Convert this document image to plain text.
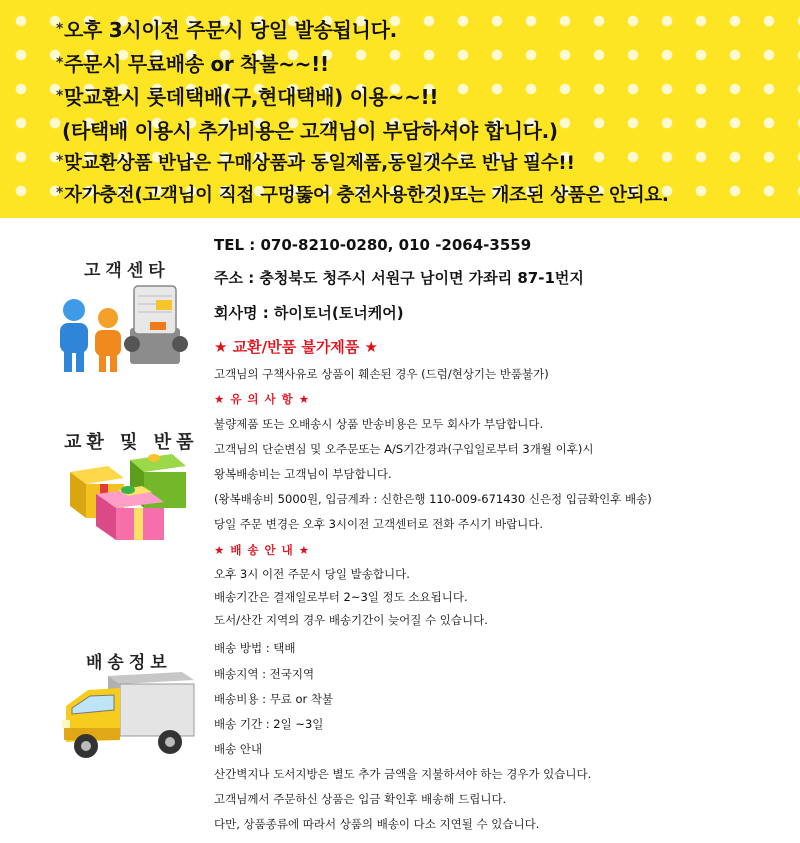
*오후 3시이전 주문시 당일 발송됩니다.
*주문시 무료배송 or 착불~~!!
*맞교환시 롯데택배(구,현대택배) 이용~~!!
(타택배 이용시 추가비용은 고객님이 부담하셔야 합니다.)
*맞교환상품 반납은 구매상품과 동일제품,동일갯수로 반납 필수!!
*자가충전(고객님이 직접 구멍뚫어 충전사용한것)또는 개조된 상품은 안되요.
고객센타
교환 및 반품
배송정보
TEL : 070-8210-0280, 010 -2064-3559
주소 : 충청북도 청주시 서원구 남이면 가좌리 87-1번지
회사명 : 하이토너(토너케어)
★ 교환/반품 불가제품 ★
고객님의 구책사유로 상품이 훼손된 경우 (드럼/현상기는 반품불가)
★ 유 의 사 항 ★
불량제품 또는 오배송시 상품 반송비용은 모두 회사가 부담합니다.
고객님의 단순변심 및 오주문또는 A/S기간경과(구입일로부터 3개월 이후)시
왕복배송비는 고객님이 부담합니다.
(왕복배송비 5000원, 입금계좌 : 신한은행 110-009-671430 신은정 입금확인후 배송)
당일 주문 변경은 오후 3시이전 고객센터로 전화 주시기 바랍니다.
★ 배 송 안 내 ★
오후 3시 이전 주문시 당일 발송합니다.
배송기간은 결재일로부터 2~3일 정도 소요됩니다.
도서/산간 지역의 경우 배송기간이 늦어질 수 있습니다.
배송 방법 : 택배
배송지역 : 전국지역
배송비용 : 무료 or 착불
배송 기간 : 2일 ~3일
배송 안내
산간벽지나 도서지방은 별도 추가 금액을 지불하셔야 하는 경우가 있습니다.
고객님께서 주문하신 상품은 입금 확인후 배송해 드립니다.
다만, 상품종류에 따라서 상품의 배송이 다소 지연될 수 있습니다.
